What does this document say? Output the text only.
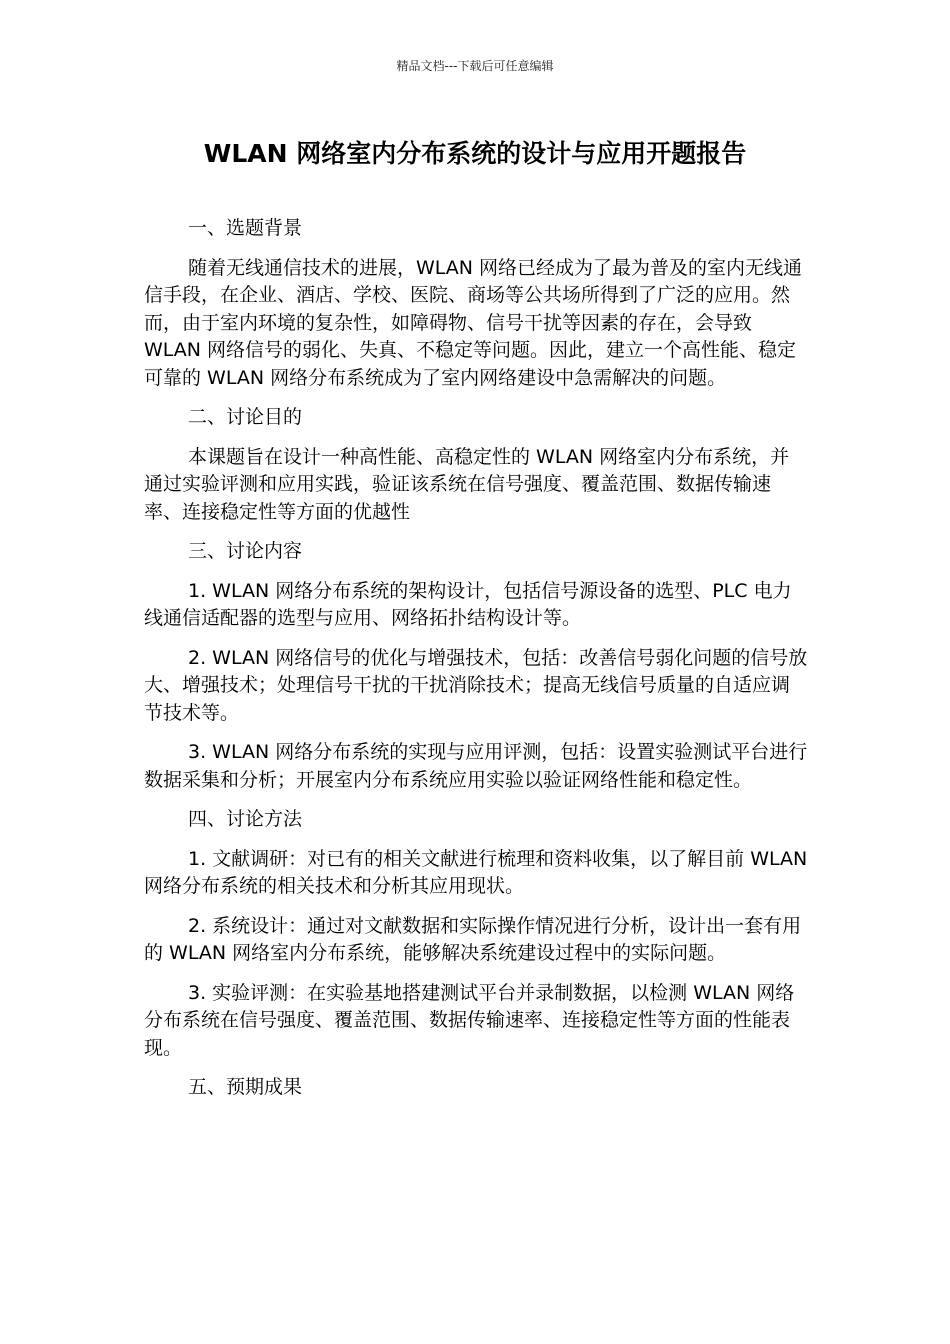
精品文档---下载后可任意编辑
WLAN 网络室内分布系统的设计与应用开题报告

一、选题背景

随着无线通信技术的进展，WLAN 网络已经成为了最为普及的室内无线通信手段，在企业、酒店、学校、医院、商场等公共场所得到了广泛的应用。然而，由于室内环境的复杂性，如障碍物、信号干扰等因素的存在，会导致 WLAN 网络信号的弱化、失真、不稳定等问题。因此，建立一个高性能、稳定可靠的 WLAN 网络分布系统成为了室内网络建设中急需解决的问题。

二、讨论目的

本课题旨在设计一种高性能、高稳定性的 WLAN 网络室内分布系统，并通过实验评测和应用实践，验证该系统在信号强度、覆盖范围、数据传输速率、连接稳定性等方面的优越性

三、讨论内容

1. WLAN 网络分布系统的架构设计，包括信号源设备的选型、PLC 电力线通信适配器的选型与应用、网络拓扑结构设计等。

2. WLAN 网络信号的优化与增强技术，包括：改善信号弱化问题的信号放大、增强技术；处理信号干扰的干扰消除技术；提高无线信号质量的自适应调节技术等。

3. WLAN 网络分布系统的实现与应用评测，包括：设置实验测试平台进行数据采集和分析；开展室内分布系统应用实验以验证网络性能和稳定性。

四、讨论方法

1. 文献调研：对已有的相关文献进行梳理和资料收集，以了解目前 WLAN 网络分布系统的相关技术和分析其应用现状。

2. 系统设计：通过对文献数据和实际操作情况进行分析，设计出一套有用的 WLAN 网络室内分布系统，能够解决系统建设过程中的实际问题。

3. 实验评测：在实验基地搭建测试平台并录制数据，以检测 WLAN 网络分布系统在信号强度、覆盖范围、数据传输速率、连接稳定性等方面的性能表现。

五、预期成果
